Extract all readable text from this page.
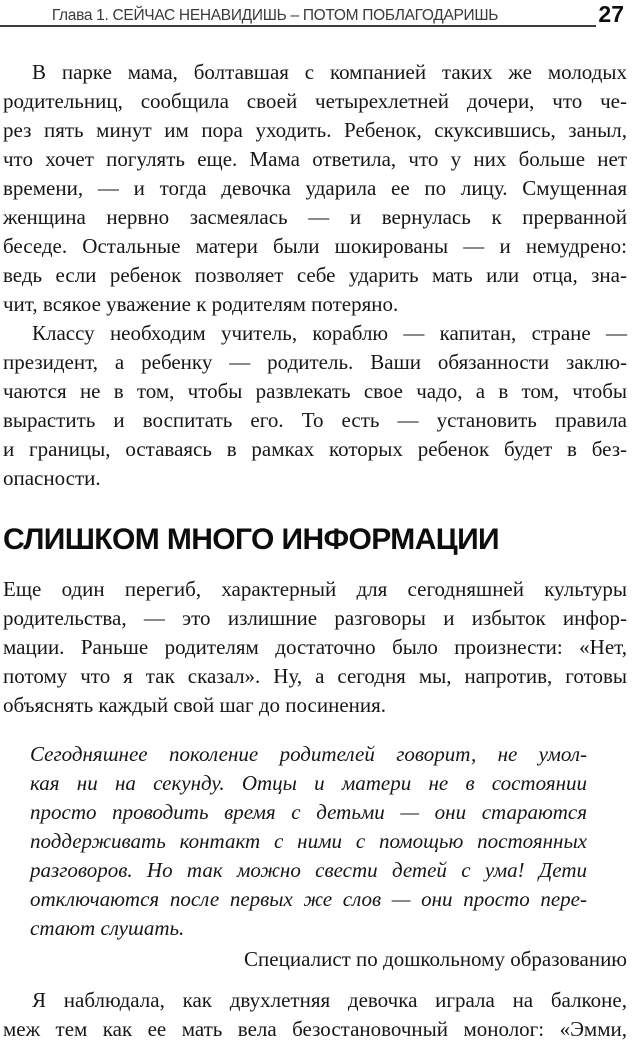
Глава 1. СЕЙЧАС НЕНАВИДИШЬ – ПОТОМ ПОБЛАГОДАРИШЬ	27
В парке мама, болтавшая с компанией таких же молодых
родительниц, сообщила своей четырехлетней дочери, что че-
рез пять минут им пора уходить. Ребенок, скуксившись, заныл,
что хочет погулять еще. Мама ответила, что у них больше нет
времени, — и тогда девочка ударила ее по лицу. Смущенная
женщина нервно засмеялась — и вернулась к прерванной
беседе. Остальные матери были шокированы — и немудрено:
ведь если ребенок позволяет себе ударить мать или отца, зна-
чит, всякое уважение к родителям потеряно.
Классу необходим учитель, кораблю — капитан, стране —
президент, а ребенку — родитель. Ваши обязанности заклю-
чаются не в том, чтобы развлекать свое чадо, а в том, чтобы
вырастить и воспитать его. То есть — установить правила
и границы, оставаясь в рамках которых ребенок будет в без-
опасности.
СЛИШКОМ МНОГО ИНФОРМАЦИИ
Еще один перегиб, характерный для сегодняшней культуры
родительства, — это излишние разговоры и избыток инфор-
мации. Раньше родителям достаточно было произнести: «Нет,
потому что я так сказал». Ну, а сегодня мы, напротив, готовы
объяснять каждый свой шаг до посинения.
Сегодняшнее поколение родителей говорит, не умол-
кая ни на секунду. Отцы и матери не в состоянии
просто проводить время с детьми — они стараются
поддерживать контакт с ними с помощью постоянных
разговоров. Но так можно свести детей с ума! Дети
отключаются после первых же слов — они просто пере-
стают слушать.
Специалист по дошкольному образованию
Я наблюдала, как двухлетняя девочка играла на балконе,
меж тем как ее мать вела безостановочный монолог: «Эмми,
